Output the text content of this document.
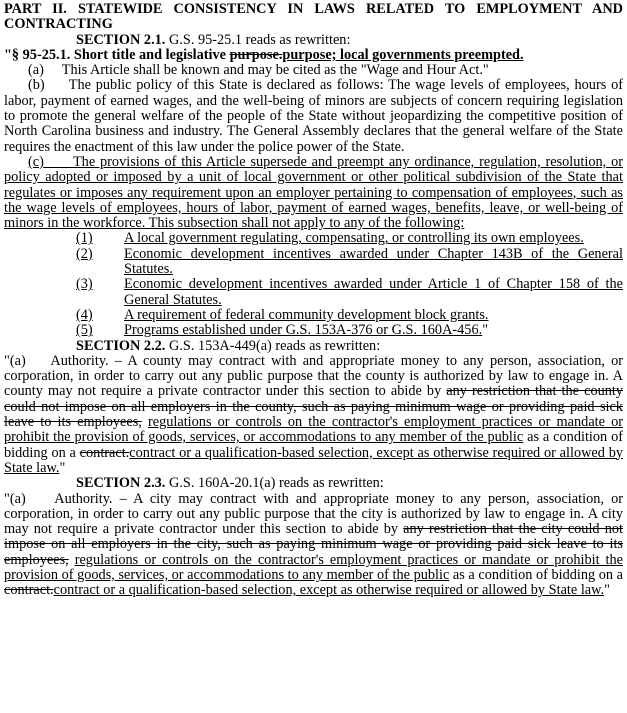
PART II. STATEWIDE CONSISTENCY IN LAWS RELATED TO EMPLOYMENT AND CONTRACTING

SECTION 2.1. G.S. 95-25.1 reads as rewritten:

"§ 95-25.1. Short title and legislative purpose.purpose; local governments preempted.

(a)     This Article shall be known and may be cited as the "Wage and Hour Act."

(b)     The public policy of this State is declared as follows: The wage levels of employees, hours of labor, payment of earned wages, and the well-being of minors are subjects of concern requiring legislation to promote the general welfare of the people of the State without jeopardizing the competitive position of North Carolina business and industry. The General Assembly declares that the general welfare of the State requires the enactment of this law under the police power of the State.

(c) The provisions of this Article supersede and preempt any ordinance, regulation, resolution, or policy adopted or imposed by a unit of local government or other political subdivision of the State that regulates or imposes any requirement upon an employer pertaining to compensation of employees, such as the wage levels of employees, hours of labor, payment of earned wages, benefits, leave, or well-being of minors in the workforce. This subsection shall not apply to any of the following:

(1)	A local government regulating, compensating, or controlling its own employees.
(2)	Economic development incentives awarded under Chapter 143B of the General Statutes.
(3)	Economic development incentives awarded under Article 1 of Chapter 158 of the General Statutes.
(4)	A requirement of federal community development block grants.
(5)	Programs established under G.S. 153A-376 or G.S. 160A-456."

SECTION 2.2. G.S. 153A-449(a) reads as rewritten:

"(a)    Authority. – A county may contract with and appropriate money to any person, association, or corporation, in order to carry out any public purpose that the county is authorized by law to engage in. A county may not require a private contractor under this section to abide by any restriction that the county could not impose on all employers in the county, such as paying minimum wage or providing paid sick leave to its employees, regulations or controls on the contractor's employment practices or mandate or prohibit the provision of goods, services, or accommodations to any member of the public as a condition of bidding on a contract.contract or a qualification-based selection, except as otherwise required or allowed by State law."

SECTION 2.3. G.S. 160A-20.1(a) reads as rewritten:

"(a)    Authority. – A city may contract with and appropriate money to any person, association, or corporation, in order to carry out any public purpose that the city is authorized by law to engage in. A city may not require a private contractor under this section to abide by any restriction that the city could not impose on all employers in the city, such as paying minimum wage or providing paid sick leave to its employees, regulations or controls on the contractor's employment practices or mandate or prohibit the provision of goods, services, or accommodations to any member of the public as a condition of bidding on a contract.contract or a qualification-based selection, except as otherwise required or allowed by State law."
